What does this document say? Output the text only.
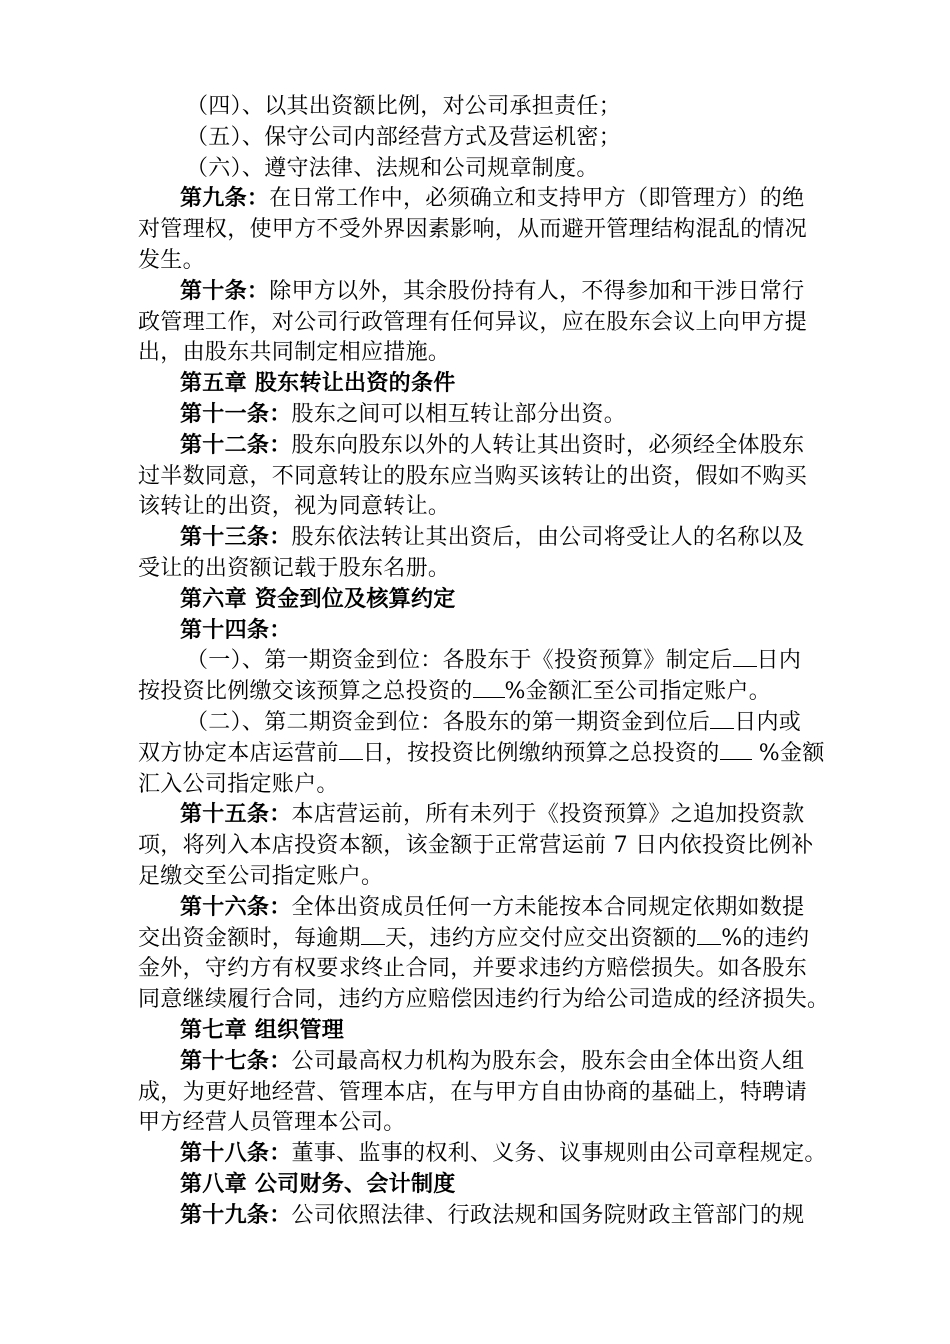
（四）、以其出资额比例，对公司承担责任；
（五）、保守公司内部经营方式及营运机密；
（六）、遵守法律、法规和公司规章制度。
第九条：在日常工作中，必须确立和支持甲方（即管理方）的绝
对管理权，使甲方不受外界因素影响，从而避开管理结构混乱的情况
发生。
第十条：除甲方以外，其余股份持有人，不得参加和干涉日常行
政管理工作，对公司行政管理有任何异议，应在股东会议上向甲方提
出，由股东共同制定相应措施。
第五章 股东转让出资的条件
第十一条：股东之间可以相互转让部分出资。
第十二条：股东向股东以外的人转让其出资时，必须经全体股东
过半数同意，不同意转让的股东应当购买该转让的出资，假如不购买
该转让的出资，视为同意转让。
第十三条：股东依法转让其出资后，由公司将受让人的名称以及
受让的出资额记载于股东名册。
第六章 资金到位及核算约定
第十四条：
（一）、第一期资金到位：各股东于《投资预算》制定后 日内
按投资比例缴交该预算之总投资的 %金额汇至公司指定账户。
（二）、第二期资金到位：各股东的第一期资金到位后 日内或
双方协定本店运营前 日，按投资比例缴纳预算之总投资的 %金额
汇入公司指定账户。
第十五条：本店营运前，所有未列于《投资预算》之追加投资款
项，将列入本店投资本额，该金额于正常营运前 7 日内依投资比例补
足缴交至公司指定账户。
第十六条：全体出资成员任何一方未能按本合同规定依期如数提
交出资金额时，每逾期 天，违约方应交付应交出资额的 %的违约
金外，守约方有权要求终止合同，并要求违约方赔偿损失。如各股东
同意继续履行合同，违约方应赔偿因违约行为给公司造成的经济损失。
第七章 组织管理
第十七条：公司最高权力机构为股东会，股东会由全体出资人组
成，为更好地经营、管理本店，在与甲方自由协商的基础上，特聘请
甲方经营人员管理本公司。
第十八条：董事、监事的权利、义务、议事规则由公司章程规定。
第八章 公司财务、会计制度
第十九条：公司依照法律、行政法规和国务院财政主管部门的规
